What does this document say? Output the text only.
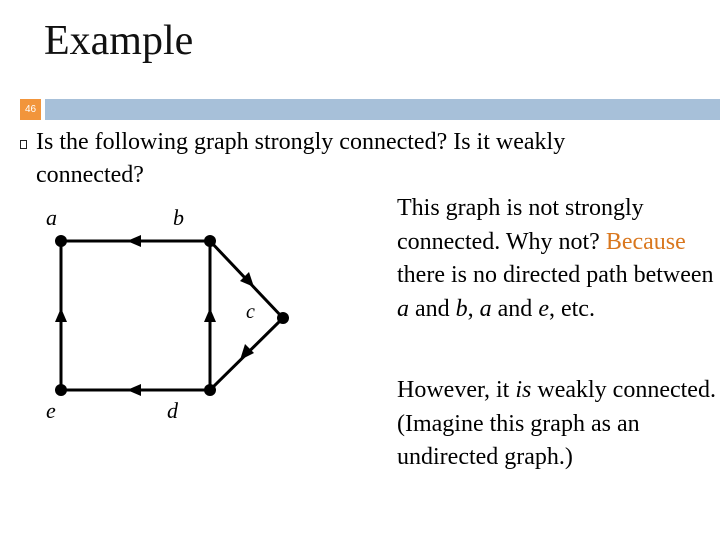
Example
46
Is the following graph strongly connected? Is it weakly connected?
a	b
c
d
e
This graph is not strongly connected. Why not? Because there is no directed path between a and b, a and e, etc.
However, it is weakly connected. (Imagine this graph as an undirected graph.)
